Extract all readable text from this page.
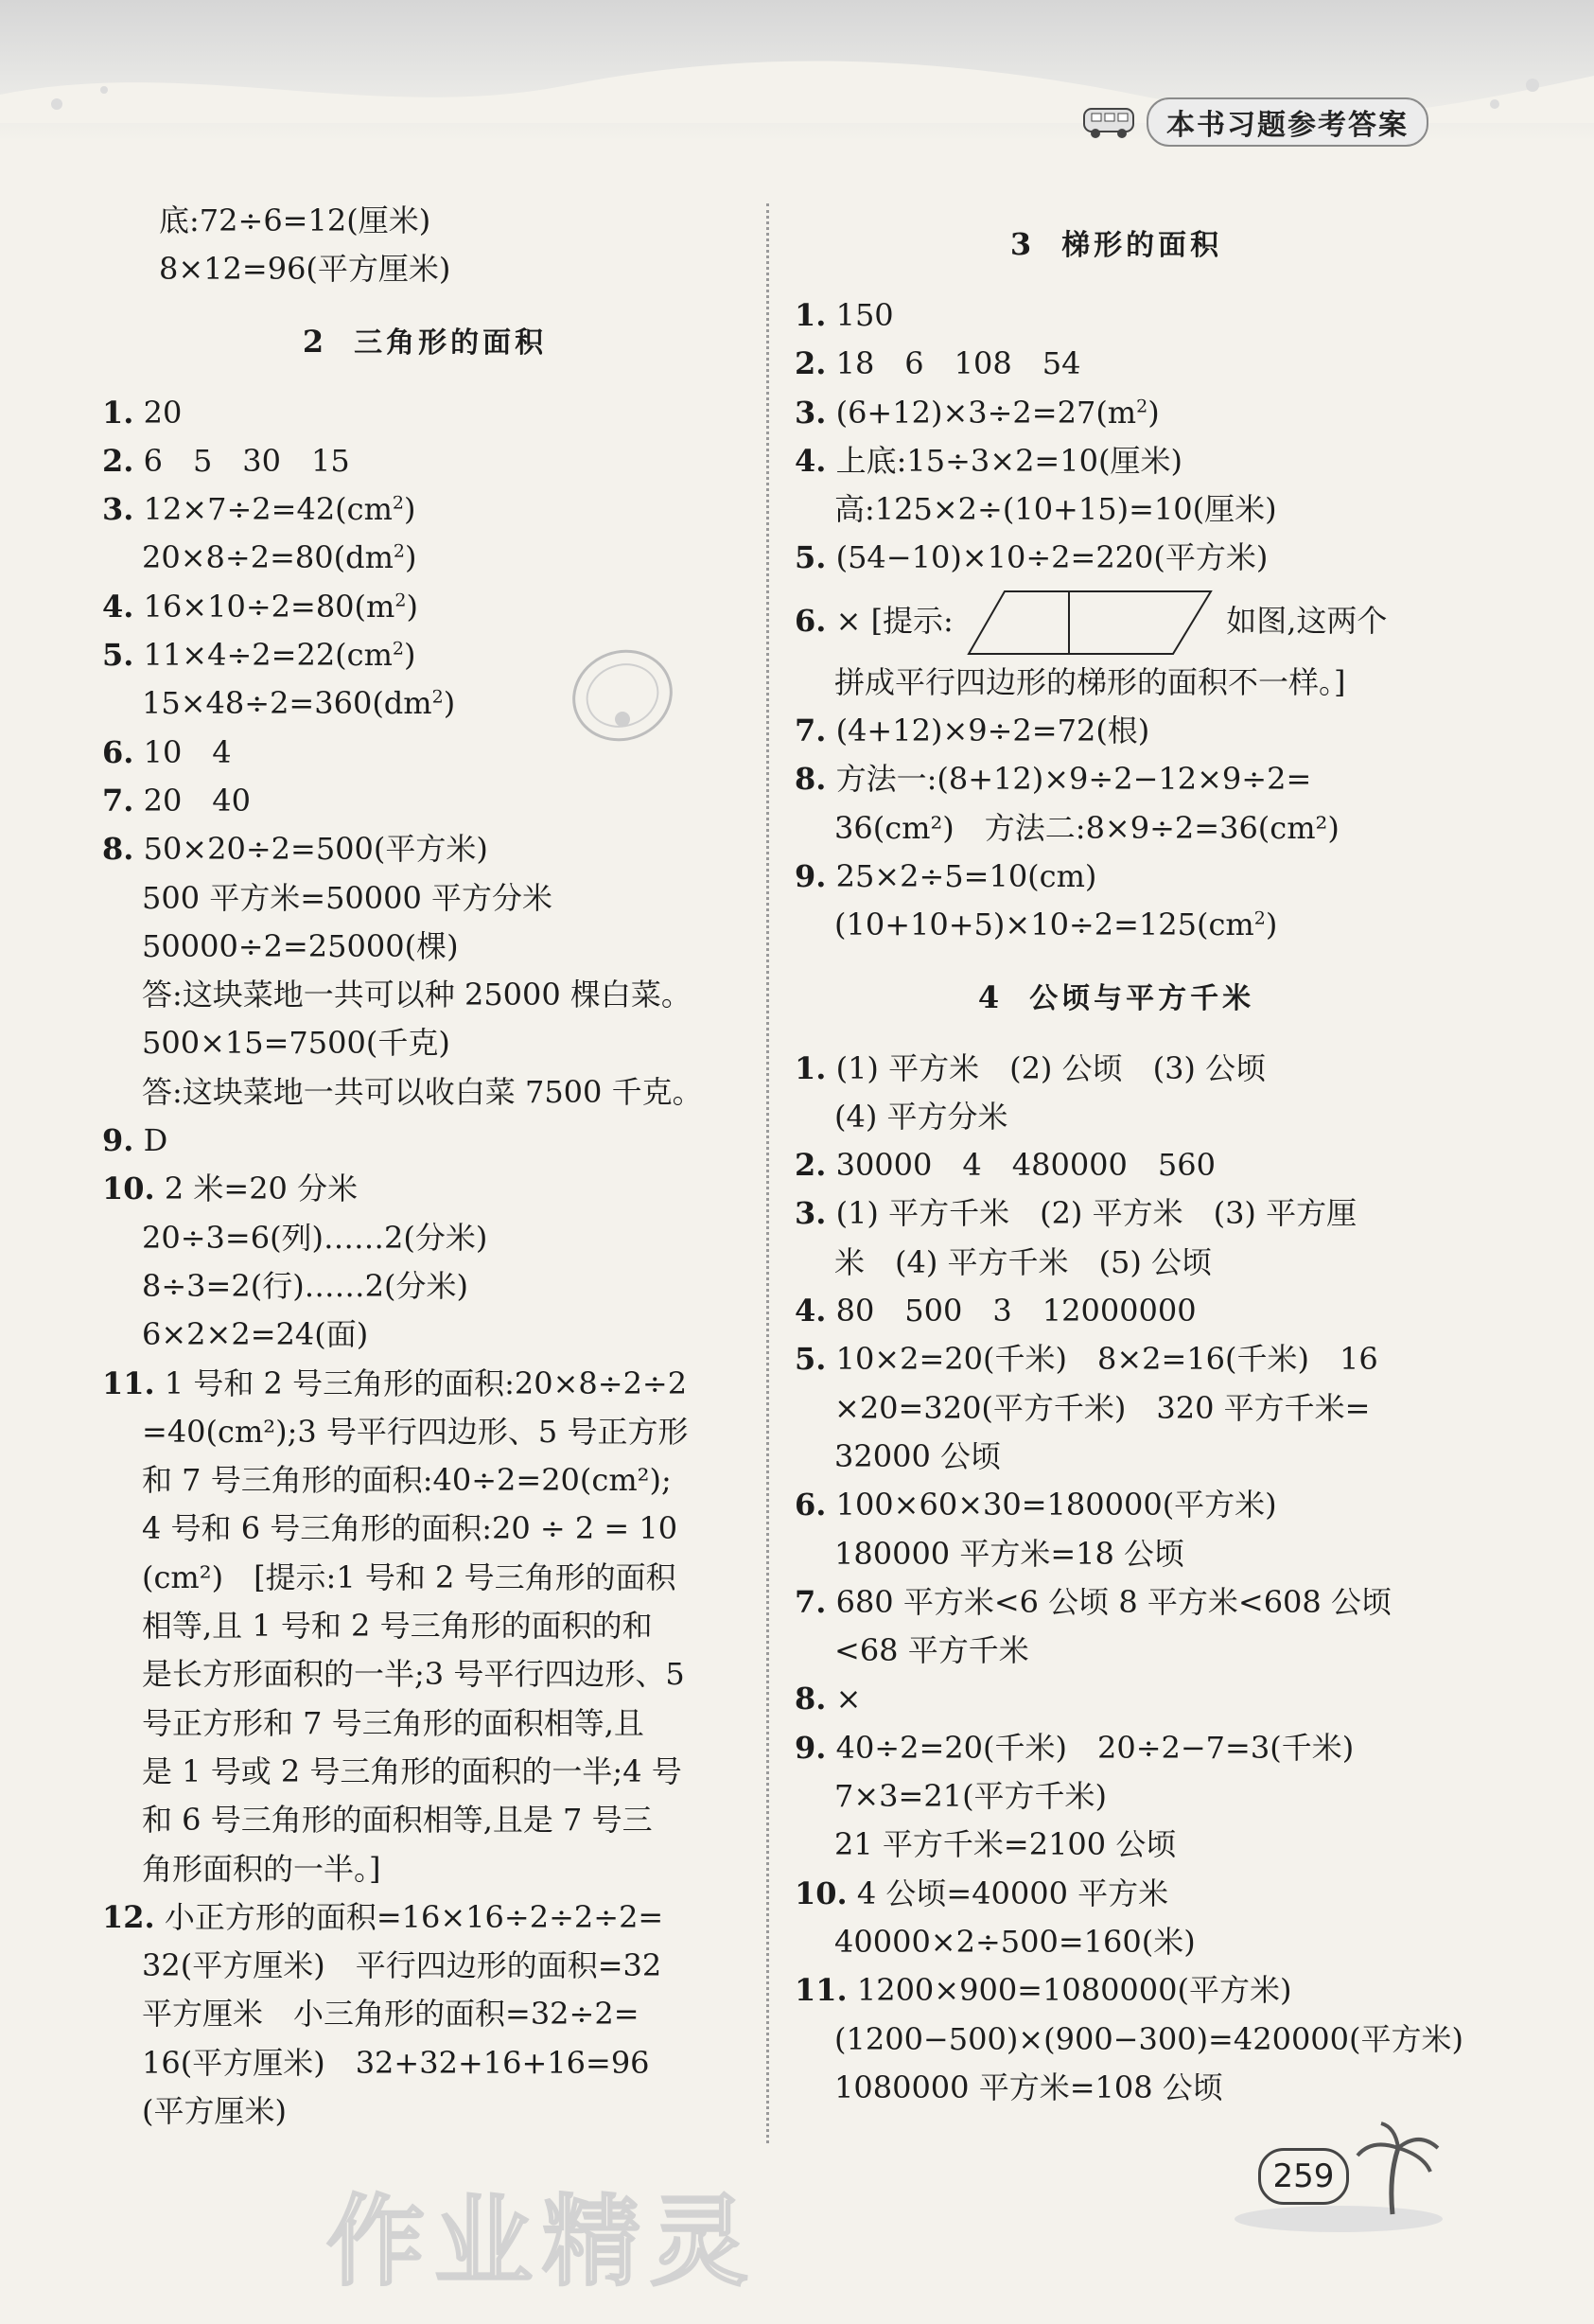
本书习题参考答案
底:72÷6=12(厘米)
8×12=96(平方厘米)
2 三角形的面积
1. 20
2. 6　5　30　15
3. $12\times 7\div 2=42(cm^2)$
$20\times 8\div 2=80(dm^2)$
4. $16\times 10\div 2=80(m^2)$
5. $11\times 4\div 2=22(cm^2)$
$15\times 48\div 2=360(dm^2)$
6. 10　4
7. 20　40
8. 50×20÷2=500(平方米)
500 平方米=50000 平方分米
50000÷2=25000(棵)
答:这块菜地一共可以种 25000 棵白菜。
500×15=7500(千克)
答:这块菜地一共可以收白菜 7500 千克。
9. D
10. 2 米=20 分米
20÷3=6(列)……2(分米)
8÷3=2(行)……2(分米)
6×2×2=24(面)
11. 1 号和 2 号三角形的面积:20×8÷2÷2
=40(cm²);3 号平行四边形、5 号正方形
和 7 号三角形的面积:40÷2=20(cm²);
4 号和 6 号三角形的面积:20 ÷ 2 = 10
(cm²)　[提示:1 号和 2 号三角形的面积
相等,且 1 号和 2 号三角形的面积的和
是长方形面积的一半;3 号平行四边形、5
号正方形和 7 号三角形的面积相等,且
是 1 号或 2 号三角形的面积的一半;4 号
和 6 号三角形的面积相等,且是 7 号三
角形面积的一半。]
12. 小正方形的面积=16×16÷2÷2÷2=
32(平方厘米)　平行四边形的面积=32
平方厘米　小三角形的面积=32÷2=
16(平方厘米)　32+32+16+16=96
(平方厘米)
3 梯形的面积
1. 150
2. 18　6　108　54
3. $(6+12)\times 3\div 2=27(m^2)$
4. 上底:15÷3×2=10(厘米)
高:125×2÷(10+15)=10(厘米)
5. (54−10)×10÷2=220(平方米)
6. × [提示:	如图,这两个
拼成平行四边形的梯形的面积不一样。]
7. (4+12)×9÷2=72(根)
8. 方法一:(8+12)×9÷2−12×9÷2=
36(cm²)　方法二:8×9÷2=36(cm²)
9. 25×2÷5=10(cm)
$(10+10+5)\times 10\div 2=125(cm^2)$
4 公顷与平方千米
1. (1) 平方米　(2) 公顷　(3) 公顷
(4) 平方分米
2. 30000　4　480000　560
3. (1) 平方千米　(2) 平方米　(3) 平方厘
米　(4) 平方千米　(5) 公顷
4. 80　500　3　12000000
5. 10×2=20(千米)　8×2=16(千米)　16
×20=320(平方千米)　320 平方千米=
32000 公顷
6. 100×60×30=180000(平方米)
180000 平方米=18 公顷
7. 680 平方米<6 公顷 8 平方米<608 公顷
<68 平方千米
8. ×
9. 40÷2=20(千米)　20÷2−7=3(千米)
7×3=21(平方千米)
21 平方千米=2100 公顷
10. 4 公顷=40000 平方米
40000×2÷500=160(米)
11. 1200×900=1080000(平方米)
(1200−500)×(900−300)=420000(平方米)
1080000 平方米=108 公顷
作业精灵
259
